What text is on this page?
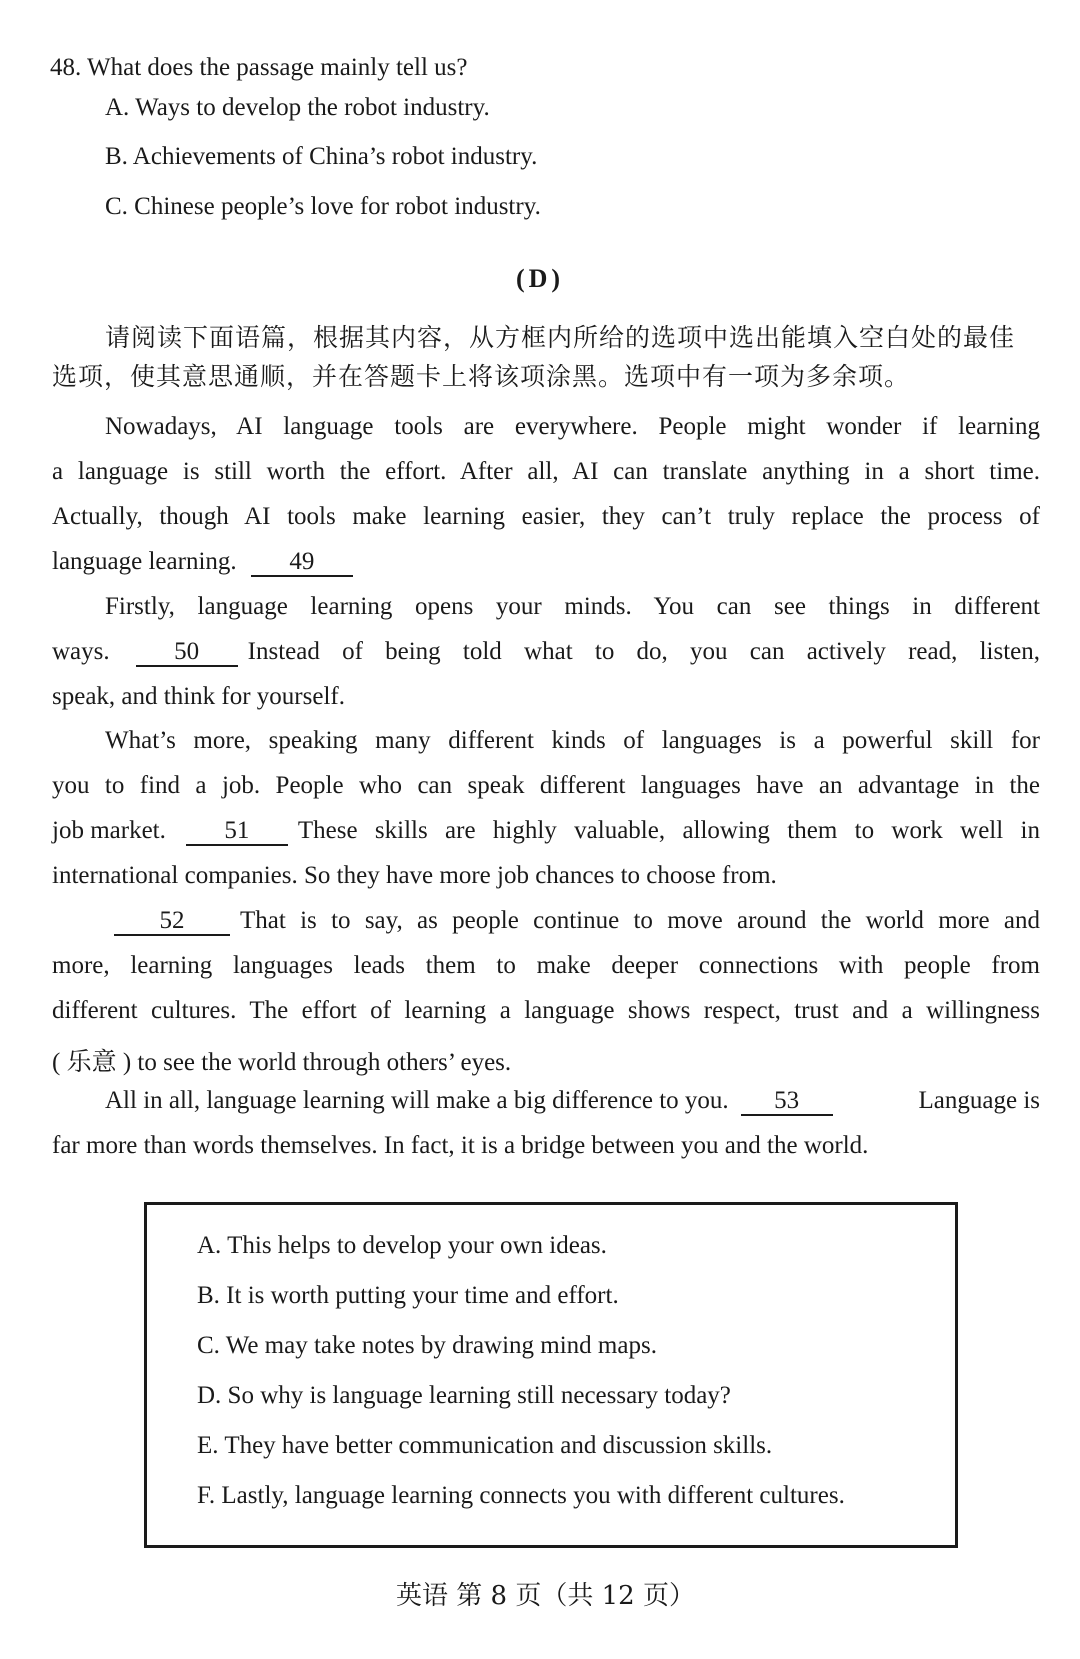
48. What does the passage mainly tell us?
A. Ways to develop the robot industry.
B. Achievements of China’s robot industry.
C. Chinese people’s love for robot industry.
(D)
请阅读下面语篇，根据其内容，从方框内所给的选项中选出能填入空白处的最佳
选项，使其意思通顺，并在答题卡上将该项涂黑。选项中有一项为多余项。
Nowadays, AI language tools are everywhere. People might wonder if learning
a language is still worth the effort. After all, AI can translate anything in a short time.
Actually, though AI tools make learning easier, they can’t truly replace the process of
language learning. 49
Firstly, language learning opens your minds. You can see things in different
ways.	50	Instead of being told what to do, you can actively read, listen,
speak, and think for yourself.
What’s more, speaking many different kinds of languages is a powerful skill for
you to find a job. People who can speak different languages have an advantage in the
job market.	51	These skills are highly valuable, allowing them to work well in
international companies. So they have more job chances to choose from.
52	That is to say, as people continue to move around the world more and
more, learning languages leads them to make deeper connections with people from
different cultures. The effort of learning a language shows respect, trust and a willingness
( 乐意 ) to see the world through others’ eyes.
All in all, language learning will make a big difference to you.	53	Language is
far more than words themselves. In fact, it is a bridge between you and the world.
A. This helps to develop your own ideas.
B. It is worth putting your time and effort.
C. We may take notes by drawing mind maps.
D. So why is language learning still necessary today?
E. They have better communication and discussion skills.
F. Lastly, language learning connects you with different cultures.
英语 第 8 页（共 12 页）
